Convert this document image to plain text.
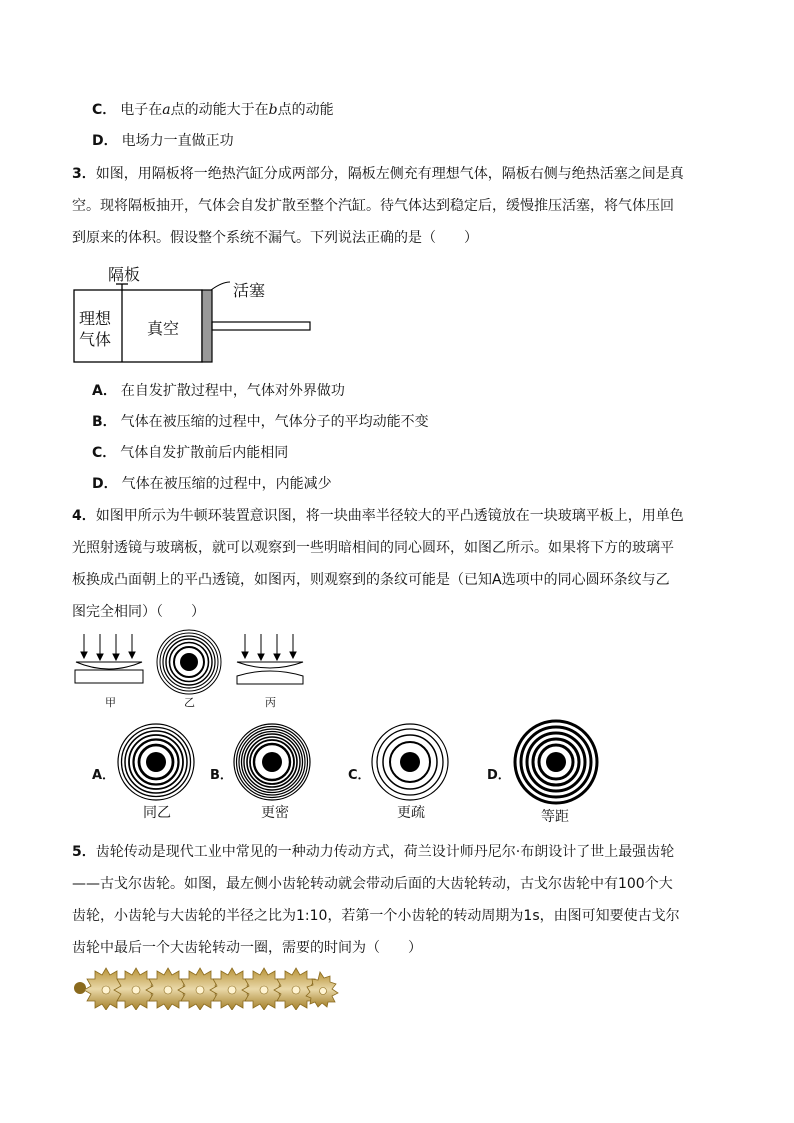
C． 电子在a点的动能大于在b点的动能
D． 电场力一直做正功
3．如图，用隔板将一绝热汽缸分成两部分，隔板左侧充有理想气体，隔板右侧与绝热活塞之间是真
空。现将隔板抽开，气体会自发扩散至整个汽缸。待气体达到稳定后，缓慢推压活塞，将气体压回
到原来的体积。假设整个系统不漏气。下列说法正确的是（　　）
隔板
活塞
理想
气体
真空
A． 在自发扩散过程中，气体对外界做功
B． 气体在被压缩的过程中，气体分子的平均动能不变
C． 气体自发扩散前后内能相同
D． 气体在被压缩的过程中，内能减少
4．如图甲所示为牛顿环装置意识图，将一块曲率半径较大的平凸透镜放在一块玻璃平板上，用单色
光照射透镜与玻璃板，就可以观察到一些明暗相间的同心圆环，如图乙所示。如果将下方的玻璃平
板换成凸面朝上的平凸透镜，如图丙，则观察到的条纹可能是（已知A选项中的同心圆环条纹与乙
图完全相同）（　　）
甲	乙	丙
A．
同乙
B．
更密
C．
更疏
D．
等距
5．齿轮传动是现代工业中常见的一种动力传动方式，荷兰设计师丹尼尔·布朗设计了世上最强齿轮
——古戈尔齿轮。如图，最左侧小齿轮转动就会带动后面的大齿轮转动，古戈尔齿轮中有100个大
齿轮，小齿轮与大齿轮的半径之比为1:10，若第一个小齿轮的转动周期为1s，由图可知要使古戈尔
齿轮中最后一个大齿轮转动一圈，需要的时间为（　　）
